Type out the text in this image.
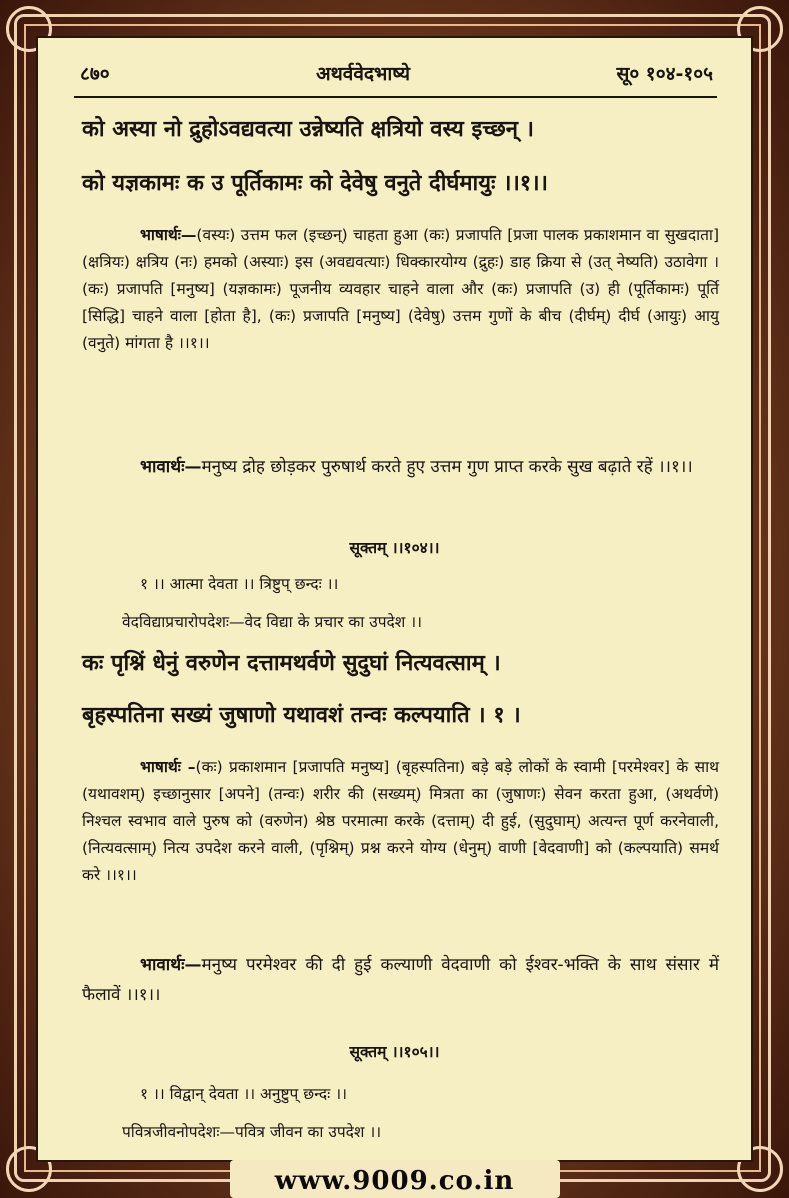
८७०	अथर्ववेदभाष्ये	सू० १०४-१०५
को अस्या नो द्रुहोऽवद्यवत्या उन्नेष्यति क्षत्रियो वस्य इच्छन् ।
को यज्ञकामः क उ पूर्तिकामः को देवेषु वनुते दीर्घमायुः ।।१।।
भाषार्थः—(वस्यः) उत्तम फल (इच्छन्) चाहता हुआ (कः) प्रजापति [प्रजा पालक प्रकाशमान वा सुखदाता] (क्षत्रियः) क्षत्रिय (नः) हमको (अस्याः) इस (अवद्यवत्याः) धिक्कारयोग्य (द्रुहः) डाह क्रिया से (उत् नेष्यति) उठावेगा । (कः) प्रजापति [मनुष्य] (यज्ञकामः) पूजनीय व्यवहार चाहने वाला और (कः) प्रजापति (उ) ही (पूर्तिकामः) पूर्ति [सिद्धि] चाहने वाला [होता है], (कः) प्रजापति [मनुष्य] (देवेषु) उत्तम गुणों के बीच (दीर्घम्) दीर्घ (आयुः) आयु (वनुते) मांगता है ।।१।।
भावार्थः—मनुष्य द्रोह छोड़कर पुरुषार्थ करते हुए उत्तम गुण प्राप्त करके सुख बढ़ाते रहें ।।१।।
सूक्तम् ।।१०४।।
१ ।। आत्मा देवता ।। त्रिष्टुप् छन्दः ।।
वेदविद्याप्रचारोपदेशः—वेद विद्या के प्रचार का उपदेश ।।
कः पृश्निं धेनुं वरुणेन दत्तामथर्वणे सुदुघां नित्यवत्साम् ।
बृहस्पतिना सख्यं जुषाणो यथावशं तन्वः कल्पयाति । १ ।
भाषार्थः –(कः) प्रकाशमान [प्रजापति मनुष्य] (बृहस्पतिना) बड़े बड़े लोकों के स्वामी [परमेश्वर] के साथ (यथावशम्) इच्छानुसार [अपने] (तन्वः) शरीर की (सख्यम्) मित्रता का (जुषाणः) सेवन करता हुआ, (अथर्वणे) निश्चल स्वभाव वाले पुरुष को (वरुणेन) श्रेष्ठ परमात्मा करके (दत्ताम्) दी हुई, (सुदुघाम्) अत्यन्त पूर्ण करनेवाली, (नित्यवत्साम्) नित्य उपदेश करने वाली, (पृश्निम्) प्रश्न करने योग्य (धेनुम्) वाणी [वेदवाणी] को (कल्पयाति) समर्थ करे ।।१।।
भावार्थः—मनुष्य परमेश्वर की दी हुई कल्याणी वेदवाणी को ईश्वर-भक्ति के साथ संसार में फैलावें ।।१।।
सूक्तम् ।।१०५।।
१ ।। विद्वान् देवता ।। अनुष्टुप् छन्दः ।।
पवित्रजीवनोपदेशः—पवित्र जीवन का उपदेश ।।
www.9009.co.in
